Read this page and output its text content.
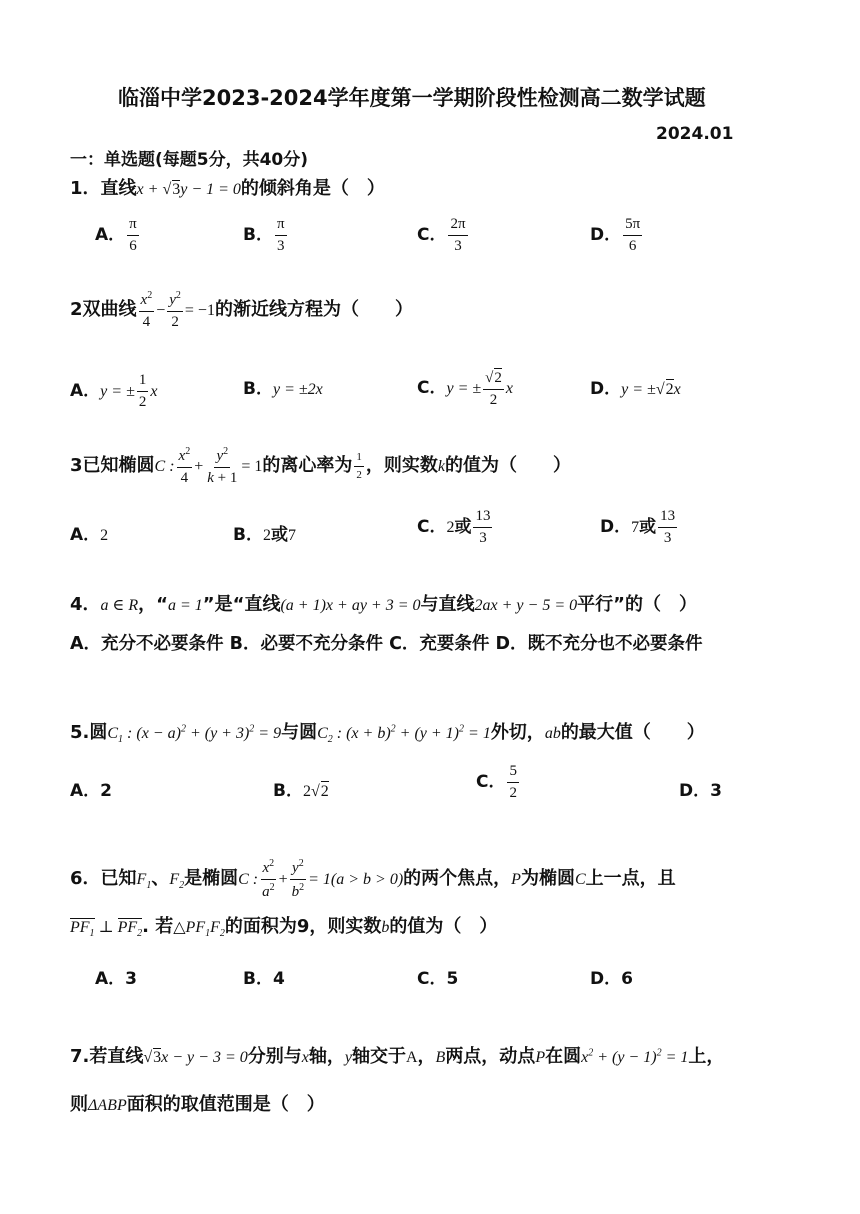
临淄中学2023-2024学年度第一学期阶段性检测高二数学试题
2024.01
一：单选题(每题5分，共40分)
1．直线x + √3y − 1 = 0的倾斜角是（　）
A． $\frac{\pi}{6}$	B． $\frac{\pi}{3}$	C． $\frac{2\pi}{3}$	D． $\frac{5\pi}{6}$
2双曲线 $\frac{x^2}{4} - \frac{y^2}{2} = -1$的渐近线方程为（　　）
A．y = ± $\frac{1}{2}$ x	B．y = ±2x	C．y = ± $\frac{√2}{2}$ x	D．y = ±√2x
3已知椭圆C : $\frac{x^2}{4} + \frac{y^2}{k + 1} = 1$的离心率为 $\frac{1}{2}$ ，则实数k的值为（　　）
A．2	B．2或7	C．2或 $\frac{13}{3}$	D．7或 $\frac{13}{3}$
4．a ∈ R，“a = 1”是“直线(a + 1)x + ay + 3 = 0与直线2ax + y − 5 = 0平行”的（　）
A．充分不必要条件 B．必要不充分条件 C．充要条件 D．既不充分也不必要条件
5.圆$C_1$ : $(x - a)^2 + (y + 3)^2 = 9$与圆$C_2$ : $(x + b)^2 + (y + 1)^2 = 1$外切，ab的最大值（　　）
A．2	B．2√2	C． $\frac{5}{2}$	D．3
6．已知$F_1$、$F_2$是椭圆C : $\frac{x^2}{a^2} + \frac{y^2}{b^2} = 1(a > b > 0)$的两个焦点，P为椭圆C上一点，且
$PF_1$ ⊥ $PF_2$. 若$\triangle PF_1F_2$的面积为9，则实数b的值为（　）
A．3	B．4	C．5	D．6
7.若直线√3x − y − 3 = 0分别与x轴，y轴交于A，B两点，动点P在圆$x^2 + (y - 1)^2 = 1$上，
则ΔABP面积的取值范围是（　）
